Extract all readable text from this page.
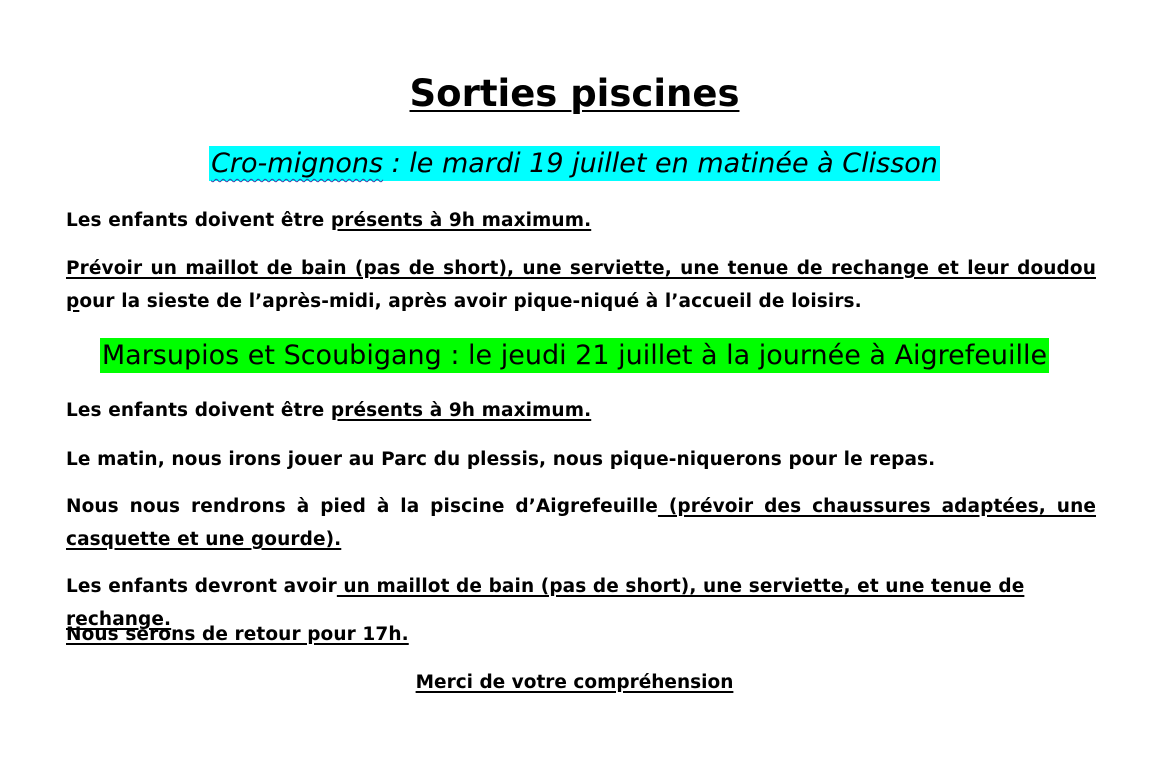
Sorties piscines
Cro-mignons : le mardi 19 juillet en matinée à Clisson
Les enfants doivent être présents à 9h maximum.
Prévoir un maillot de bain (pas de short), une serviette, une tenue de rechange et leur doudou pour la sieste de l’après-midi, après avoir pique-niqué à l’accueil de loisirs.
Marsupios et Scoubigang : le jeudi 21 juillet à la journée à Aigrefeuille
Les enfants doivent être présents à 9h maximum.
Le matin, nous irons jouer au Parc du plessis, nous pique-niquerons pour le repas.
Nous nous rendrons à pied à la piscine d’Aigrefeuille (prévoir des chaussures adaptées, une casquette et une gourde).
Les enfants devront avoir un maillot de bain (pas de short), une serviette, et une tenue de rechange.
Nous serons de retour pour 17h.
Merci de votre compréhension
